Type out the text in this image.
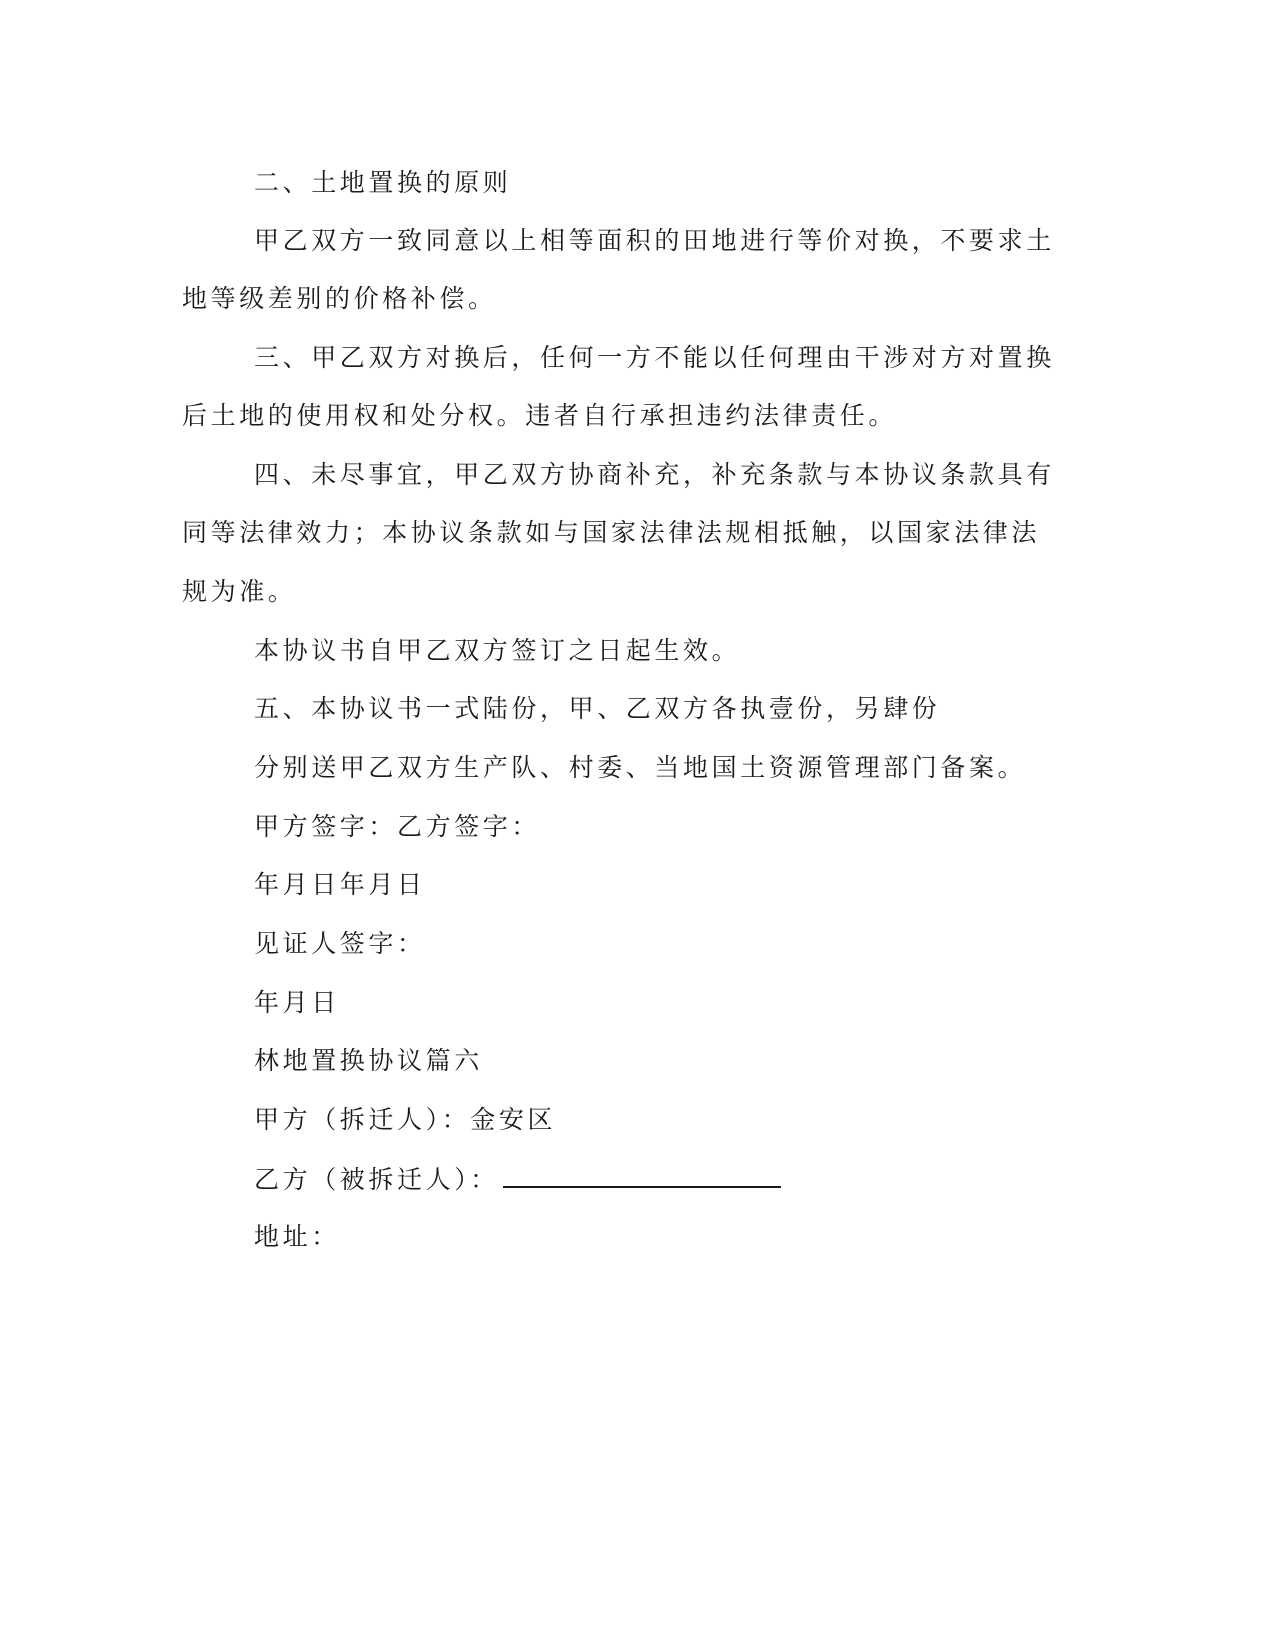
二、土地置换的原则
甲乙双方一致同意以上相等面积的田地进行等价对换，不要求土
地等级差别的价格补偿。
三、甲乙双方对换后，任何一方不能以任何理由干涉对方对置换
后土地的使用权和处分权。违者自行承担违约法律责任。
四、未尽事宜，甲乙双方协商补充，补充条款与本协议条款具有
同等法律效力；本协议条款如与国家法律法规相抵触，以国家法律法
规为准。
本协议书自甲乙双方签订之日起生效。
五、本协议书一式陆份，甲、乙双方各执壹份，另肆份
分别送甲乙双方生产队、村委、当地国土资源管理部门备案。
甲方签字：乙方签字：
年月日年月日
见证人签字：
年月日
林地置换协议篇六
甲方（拆迁人）：金安区
乙方（被拆迁人）：
地址：
